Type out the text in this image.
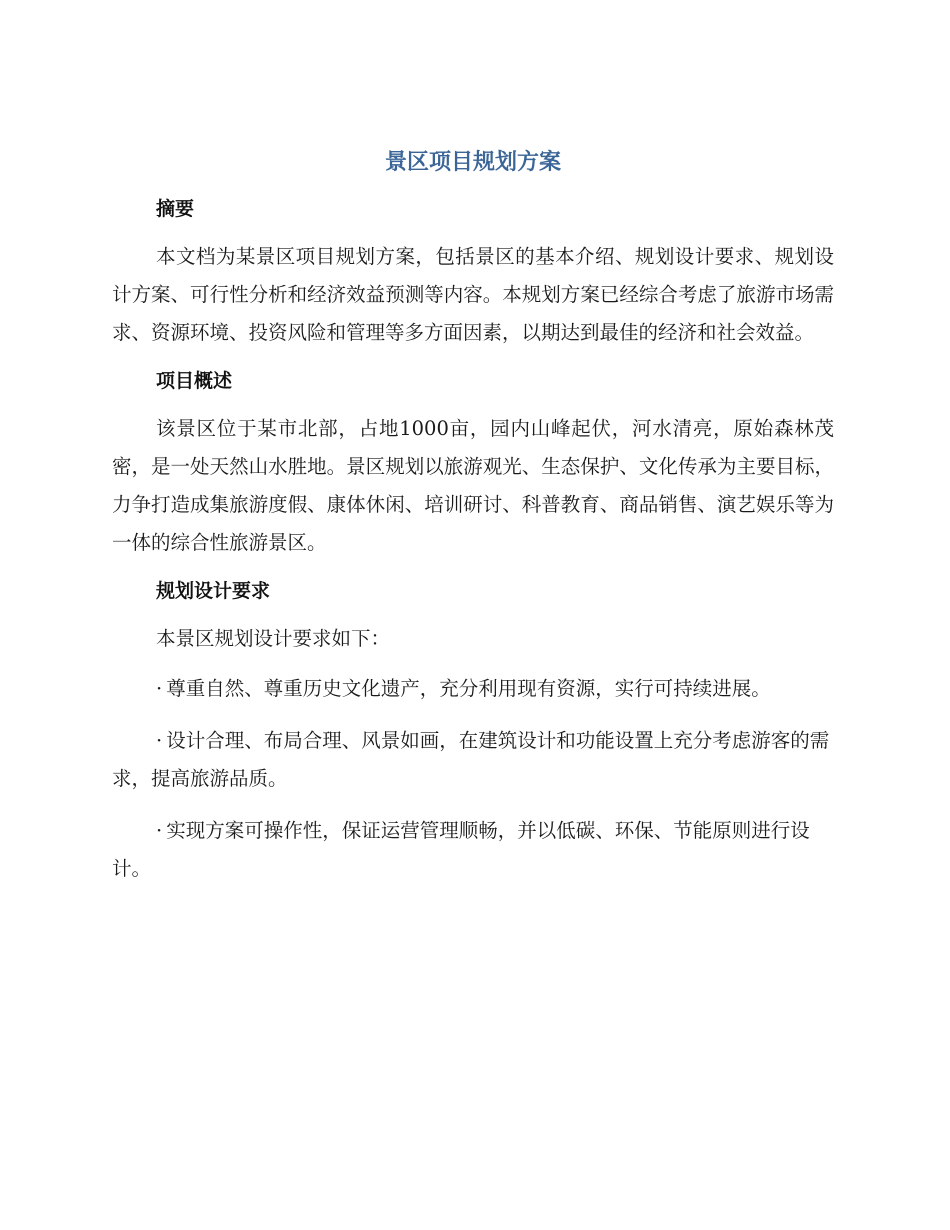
景区项目规划方案
摘要

本文档为某景区项目规划方案，包括景区的基本介绍、规划设计要求、规划设计方案、可行性分析和经济效益预测等内容。本规划方案已经综合考虑了旅游市场需求、资源环境、投资风险和管理等多方面因素，以期达到最佳的经济和社会效益。

项目概述

该景区位于某市北部，占地1000亩，园内山峰起伏，河水清亮，原始森林茂密，是一处天然山水胜地。景区规划以旅游观光、生态保护、文化传承为主要目标，力争打造成集旅游度假、康体休闲、培训研讨、科普教育、商品销售、演艺娱乐等为一体的综合性旅游景区。

规划设计要求

本景区规划设计要求如下：

· 尊重自然、尊重历史文化遗产，充分利用现有资源，实行可持续进展。

· 设计合理、布局合理、风景如画，在建筑设计和功能设置上充分考虑游客的需求，提高旅游品质。

· 实现方案可操作性，保证运营管理顺畅，并以低碳、环保、节能原则进行设计。
